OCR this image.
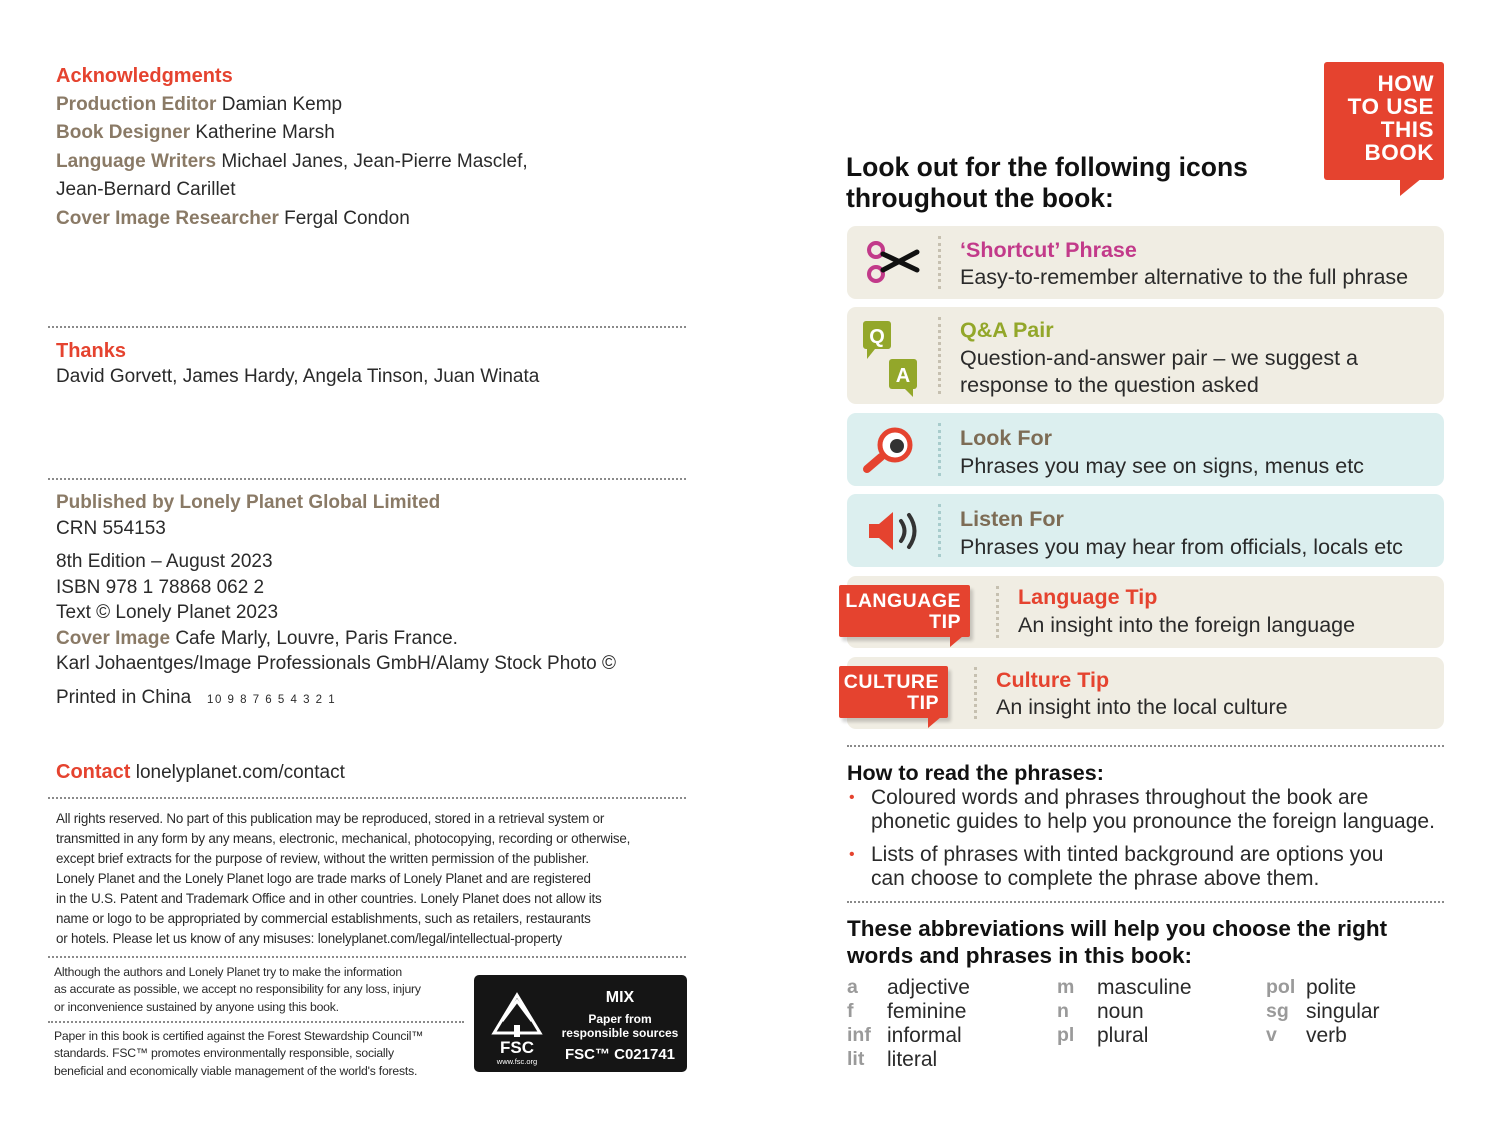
Acknowledgments
Production Editor Damian Kemp
Book Designer Katherine Marsh
Language Writers Michael Janes, Jean-Pierre Masclef,
Jean-Bernard Carillet
Cover Image Researcher Fergal Condon
Thanks
David Gorvett, James Hardy, Angela Tinson, Juan Winata
Published by Lonely Planet Global Limited
CRN 554153
8th Edition – August 2023
ISBN 978 1 78868 062 2
Text © Lonely Planet 2023
Cover Image Cafe Marly, Louvre, Paris France.
Karl Johaentges/Image Professionals GmbH/Alamy Stock Photo ©
Printed in China 10 9 8 7 6 5 4 3 2 1
Contact lonelyplanet.com/contact
All rights reserved. No part of this publication may be reproduced, stored in a retrieval system or
transmitted in any form by any means, electronic, mechanical, photocopying, recording or otherwise,
except brief extracts for the purpose of review, without the written permission of the publisher.
Lonely Planet and the Lonely Planet logo are trade marks of Lonely Planet and are registered
in the U.S. Patent and Trademark Office and in other countries. Lonely Planet does not allow its
name or logo to be appropriated by commercial establishments, such as retailers, restaurants
or hotels. Please let us know of any misuses: lonelyplanet.com/legal/intellectual-property
Although the authors and Lonely Planet try to make the information
as accurate as possible, we accept no responsibility for any loss, injury
or inconvenience sustained by anyone using this book.
Paper in this book is certified against the Forest Stewardship Council™
standards. FSC™ promotes environmentally responsible, socially
beneficial and economically viable management of the world's forests.
FSC
www.fsc.org
MIX
Paper from
responsible sources
FSC™ C021741
HOW
TO USE
THIS
BOOK
Look out for the following icons
throughout the book:
‘Shortcut’ Phrase
Easy-to-remember alternative to the full phrase
Q
A
Q&A Pair
Question-and-answer pair – we suggest a
response to the question asked
Look For
Phrases you may see on signs, menus etc
Listen For
Phrases you may hear from officials, locals etc
Language Tip
An insight into the foreign language
LANGUAGE
TIP
Culture Tip
An insight into the local culture
CULTURE
TIP
How to read the phrases:
• Coloured words and phrases throughout the book are
phonetic guides to help you pronounce the foreign language.
• Lists of phrases with tinted background are options you
can choose to complete the phrase above them.
These abbreviations will help you choose the right
words and phrases in this book:
a adjective
f feminine
inf informal
lit literal
m masculine
n noun
pl plural
pol polite
sg singular
v verb
